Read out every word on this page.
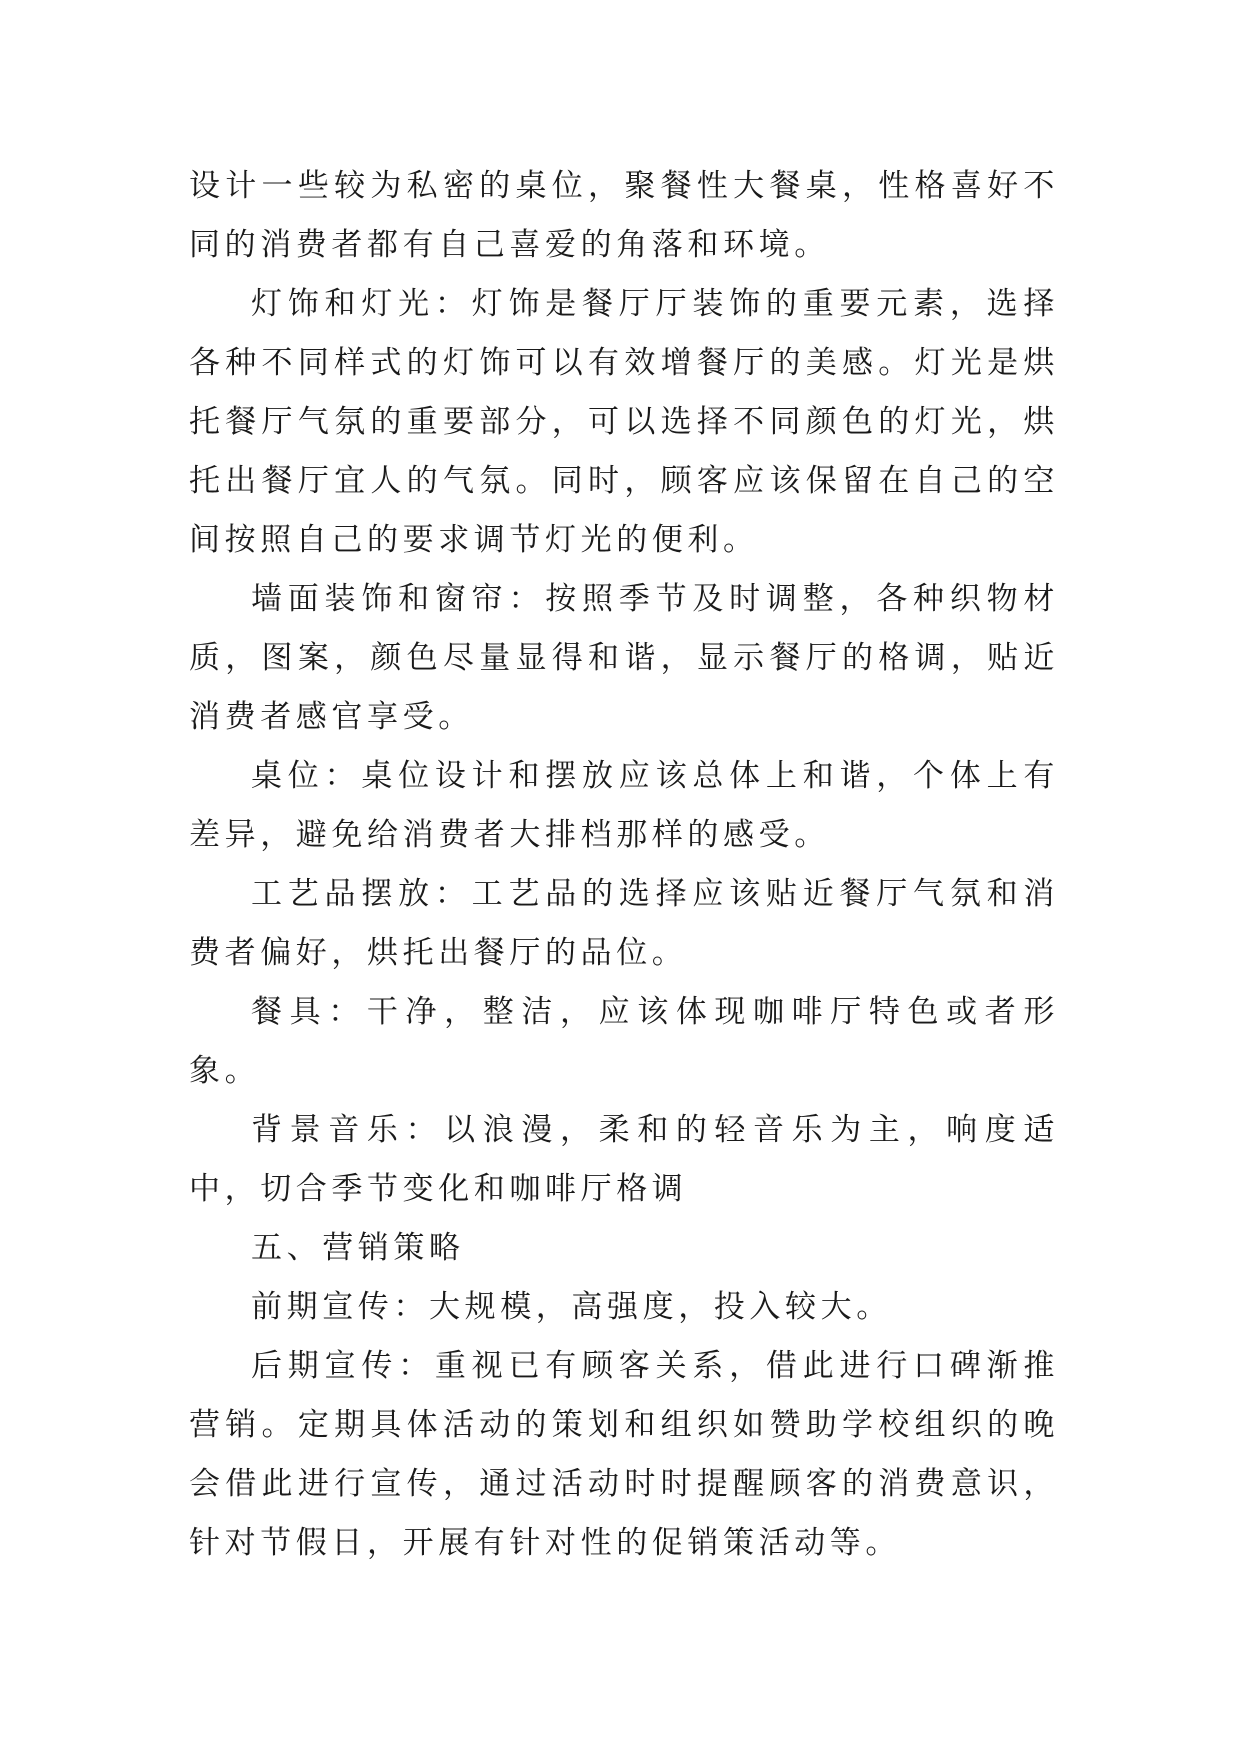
设计一些较为私密的桌位，聚餐性大餐桌，性格喜好不同的消费者都有自己喜爱的角落和环境。

灯饰和灯光：灯饰是餐厅厅装饰的重要元素，选择各种不同样式的灯饰可以有效增餐厅的美感。灯光是烘托餐厅气氛的重要部分，可以选择不同颜色的灯光，烘托出餐厅宜人的气氛。同时，顾客应该保留在自己的空间按照自己的要求调节灯光的便利。

墙面装饰和窗帘：按照季节及时调整，各种织物材质，图案，颜色尽量显得和谐，显示餐厅的格调，贴近消费者感官享受。

桌位：桌位设计和摆放应该总体上和谐，个体上有差异，避免给消费者大排档那样的感受。

工艺品摆放：工艺品的选择应该贴近餐厅气氛和消费者偏好，烘托出餐厅的品位。

餐具：干净，整洁，应该体现咖啡厅特色或者形象。

背景音乐：以浪漫，柔和的轻音乐为主，响度适中，切合季节变化和咖啡厅格调

五、营销策略

前期宣传：大规模，高强度，投入较大。

后期宣传：重视已有顾客关系，借此进行口碑渐推营销。定期具体活动的策划和组织如赞助学校组织的晚会借此进行宣传，通过活动时时提醒顾客的消费意识，针对节假日，开展有针对性的促销策活动等。
